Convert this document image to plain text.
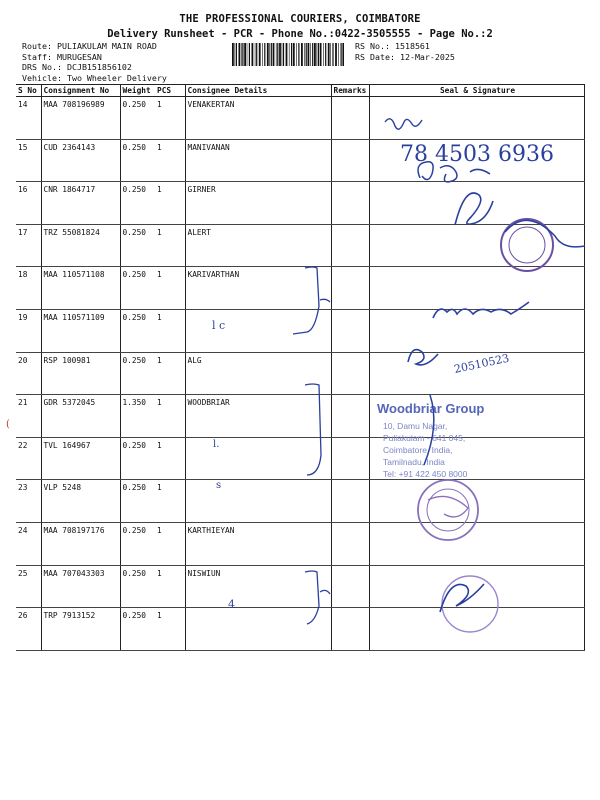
THE PROFESSIONAL COURIERS, COIMBATORE
Delivery Runsheet - PCR - Phone No.:0422-3505555 - Page No.:2
Route: PULIAKULAM MAIN ROAD
Staff: MURUGESAN
DRS No.: DCJB151856102
Vehicle: Two Wheeler Delivery
RS No.: 1518561
RS Date: 12-Mar-2025
S No	Consignment No	Weight	PCS	Consignee Details	Remarks	Seal & Signature
14	MAA 708196989	0.250	1	VENAKERTAN		
15	CUD 2364143	0.250	1	MANIVANAN		
16	CNR 1864717	0.250	1	GIRNER		
17	TRZ 55081824	0.250	1	ALERT		
18	MAA 110571108	0.250	1	KARIVARTHAN		
19	MAA 110571109	0.250	1			
20	RSP 100981	0.250	1	ALG		
21	GDR 5372045	1.350	1	WOODBRIAR		
22	TVL 164967	0.250	1			
23	VLP 5248	0.250	1			
24	MAA 708197176	0.250	1	KARTHIEYAN		
25	MAA 707043303	0.250	1	NISWIUN		
26	TRP 7913152	0.250	1			
78 4503 6936
l c
20510523
l.
s
Woodbriar Group
10, Damu Nagar,
Puliakulam - 641 045,
Coimbatore, India,
Tamilnadu, India
Tel: +91 422 450 8000
4
(
